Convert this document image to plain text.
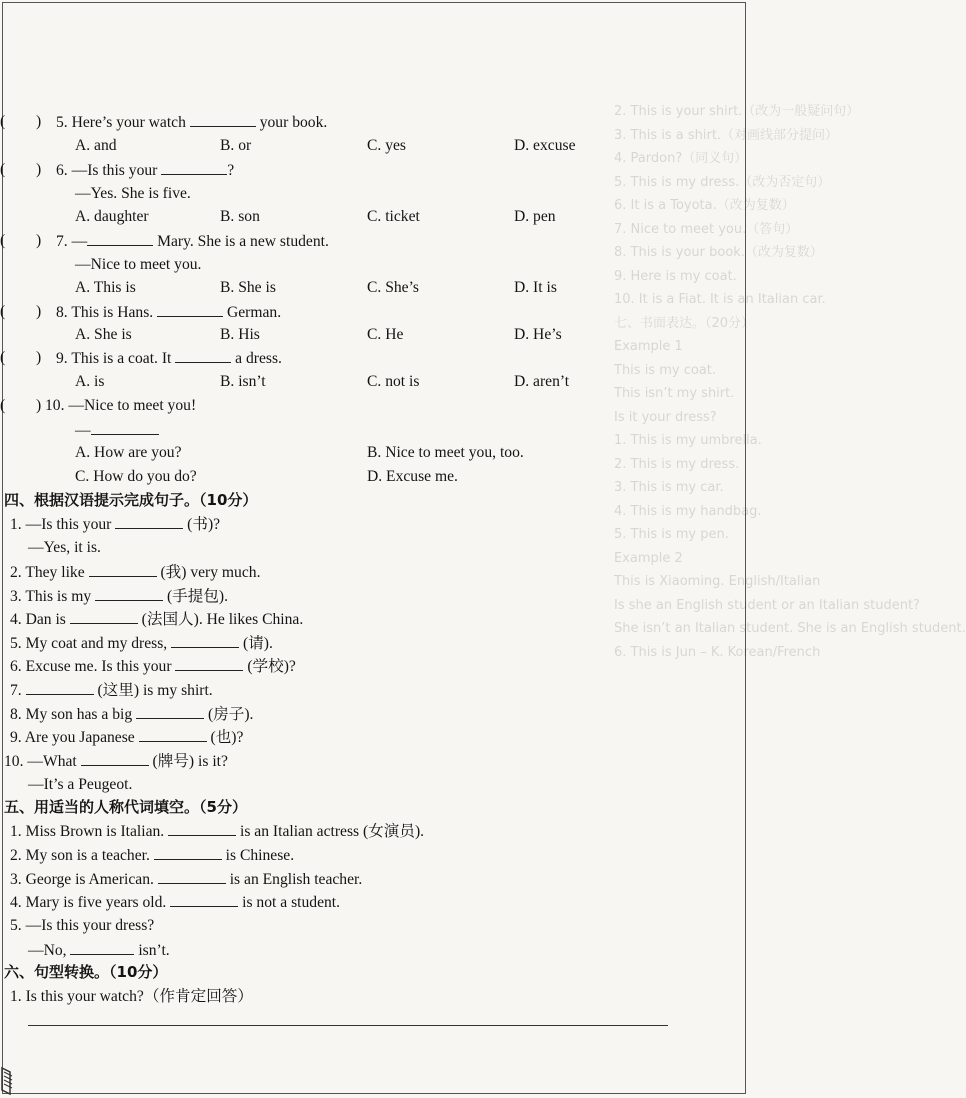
2. This is your shirt.（改为一般疑问句）
3. This is a shirt.（对画线部分提问）
4. Pardon?（同义句）
5. This is my dress.（改为否定句）
6. It is a Toyota.（改为复数）
7. Nice to meet you.（答句）
8. This is your book.（改为复数）
9. Here is my coat.
10. It is a Fiat. It is an Italian car.
七、书面表达。（20分）
Example 1
This is my coat.
This isn’t my shirt.
Is it your dress?
1. This is my umbrella.
2. This is my dress.
3. This is my car.
4. This is my handbag.
5. This is my pen.
Example 2
This is Xiaoming. English/Italian
Is she an English student or an Italian student?
She isn’t an Italian student. She is an English student.
6. This is Jun – K. Korean/French
( ) 5. Here’s your watch	your book.
A. and	B. or	C. yes	D. excuse
( ) 6. —Is this your	?
—Yes. She is five.
A. daughter	B. son	C. ticket	D. pen
( ) 7. —	Mary. She is a new student.
—Nice to meet you.
A. This is	B. She is	C. She’s	D. It is
( ) 8. This is Hans.	German.
A. She is	B. His	C. He	D. He’s
( ) 9. This is a coat. It	a dress.
A. is	B. isn’t	C. not is	D. aren’t
( ) 10. —Nice to meet you!
—
A. How are you?	B. Nice to meet you, too.
C. How do you do?	D. Excuse me.
四、根据汉语提示完成句子。（10分）
1. —Is this your	(书)?
—Yes, it is.
2. They like	(我) very much.
3. This is my	(手提包).
4. Dan is	(法国人). He likes China.
5. My coat and my dress,	(请).
6. Excuse me. Is this your	(学校)?
7.	(这里) is my shirt.
8. My son has a big	(房子).
9. Are you Japanese	(也)?
10. —What	(牌号) is it?
—It’s a Peugeot.
五、用适当的人称代词填空。（5分）
1. Miss Brown is Italian.	is an Italian actress (女演员).
2. My son is a teacher.	is Chinese.
3. George is American.	is an English teacher.
4. Mary is five years old.	is not a student.
5. —Is this your dress?
—No,	isn’t.
六、句型转换。（10分）
1. Is this your watch?（作肯定回答）
